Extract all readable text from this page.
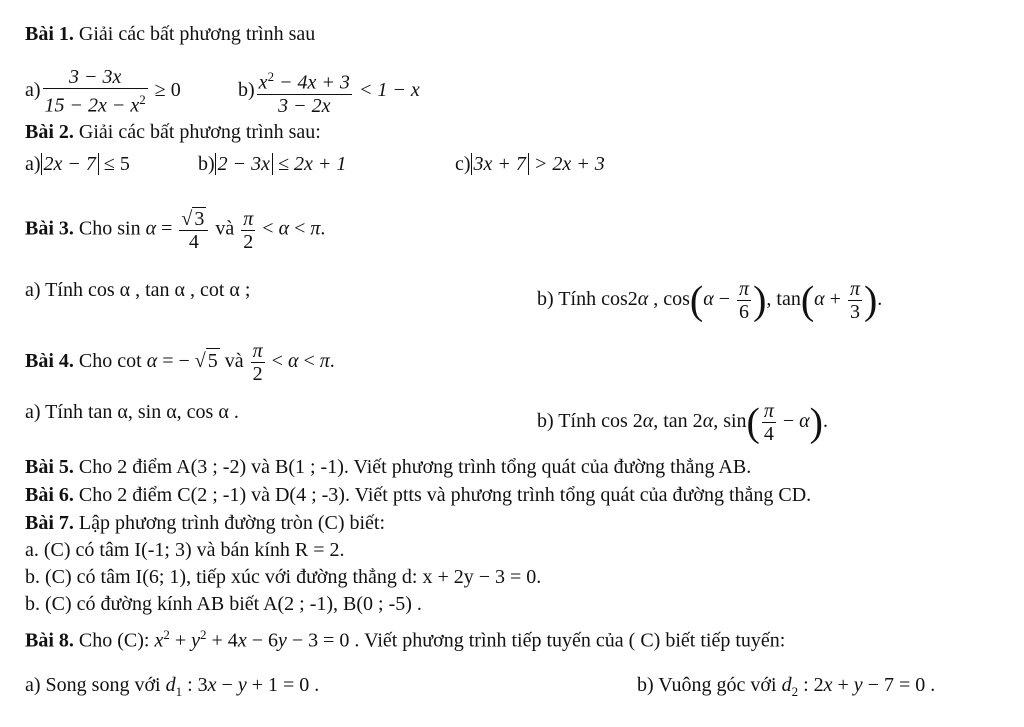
Bài 1. Giải các bất phương trình sau
$a) \frac{3 - 3x}{15 - 2x - x^2} \ge 0$	$b) \frac{x^2 - 4x + 3}{3 - 2x} < 1 - x$
Bài 2. Giải các bất phương trình sau:
a) 2x − 7 ≤ 5	b) 2 − 3x ≤ 2x + 1	c) 3x + 7 > 2x + 3
Bài 3. Cho $\sin \alpha = \frac{√ 3}{4}$ và $\frac{\pi}{2} < \alpha < \pi$.
a) Tính cos α , tan α , cot α ;	b) Tính cos2α , $\cos(\alpha - \frac{\pi}{6}$ ), $\tan(\alpha + \frac{\pi}{3}$ ).
Bài 4. Cho cot α = − √ 5 và $\frac{\pi}{2} < \alpha < \pi$.
a) Tính tan α, sin α, cos α .	b) Tính cos 2α, tan 2α, $\sin( \frac{\pi}{4} - \alpha)$.
Bài 5. Cho 2 điểm A(3 ; -2) và B(1 ; -1). Viết phương trình tổng quát của đường thẳng AB.
Bài 6. Cho 2 điểm C(2 ; -1) và D(4 ; -3). Viết ptts và phương trình tổng quát của đường thẳng CD.
Bài 7. Lập phương trình đường tròn (C) biết:
a. (C) có tâm I(-1; 3) và bán kính R = 2.
b. (C) có tâm I(6; 1), tiếp xúc với đường thẳng d: x + 2y − 3 = 0.
b. (C) có đường kính AB biết A(2 ; -1), B(0 ; -5) .
Bài 8. Cho (C): $x^2 + y^2 + 4x - 6y - 3 = 0$ . Viết phương trình tiếp tuyến của ( C) biết tiếp tuyến:
a) Song song với $d_1$ : 3x − y + 1 = 0 .	b) Vuông góc với $d_2$ : 2x + y − 7 = 0 .
